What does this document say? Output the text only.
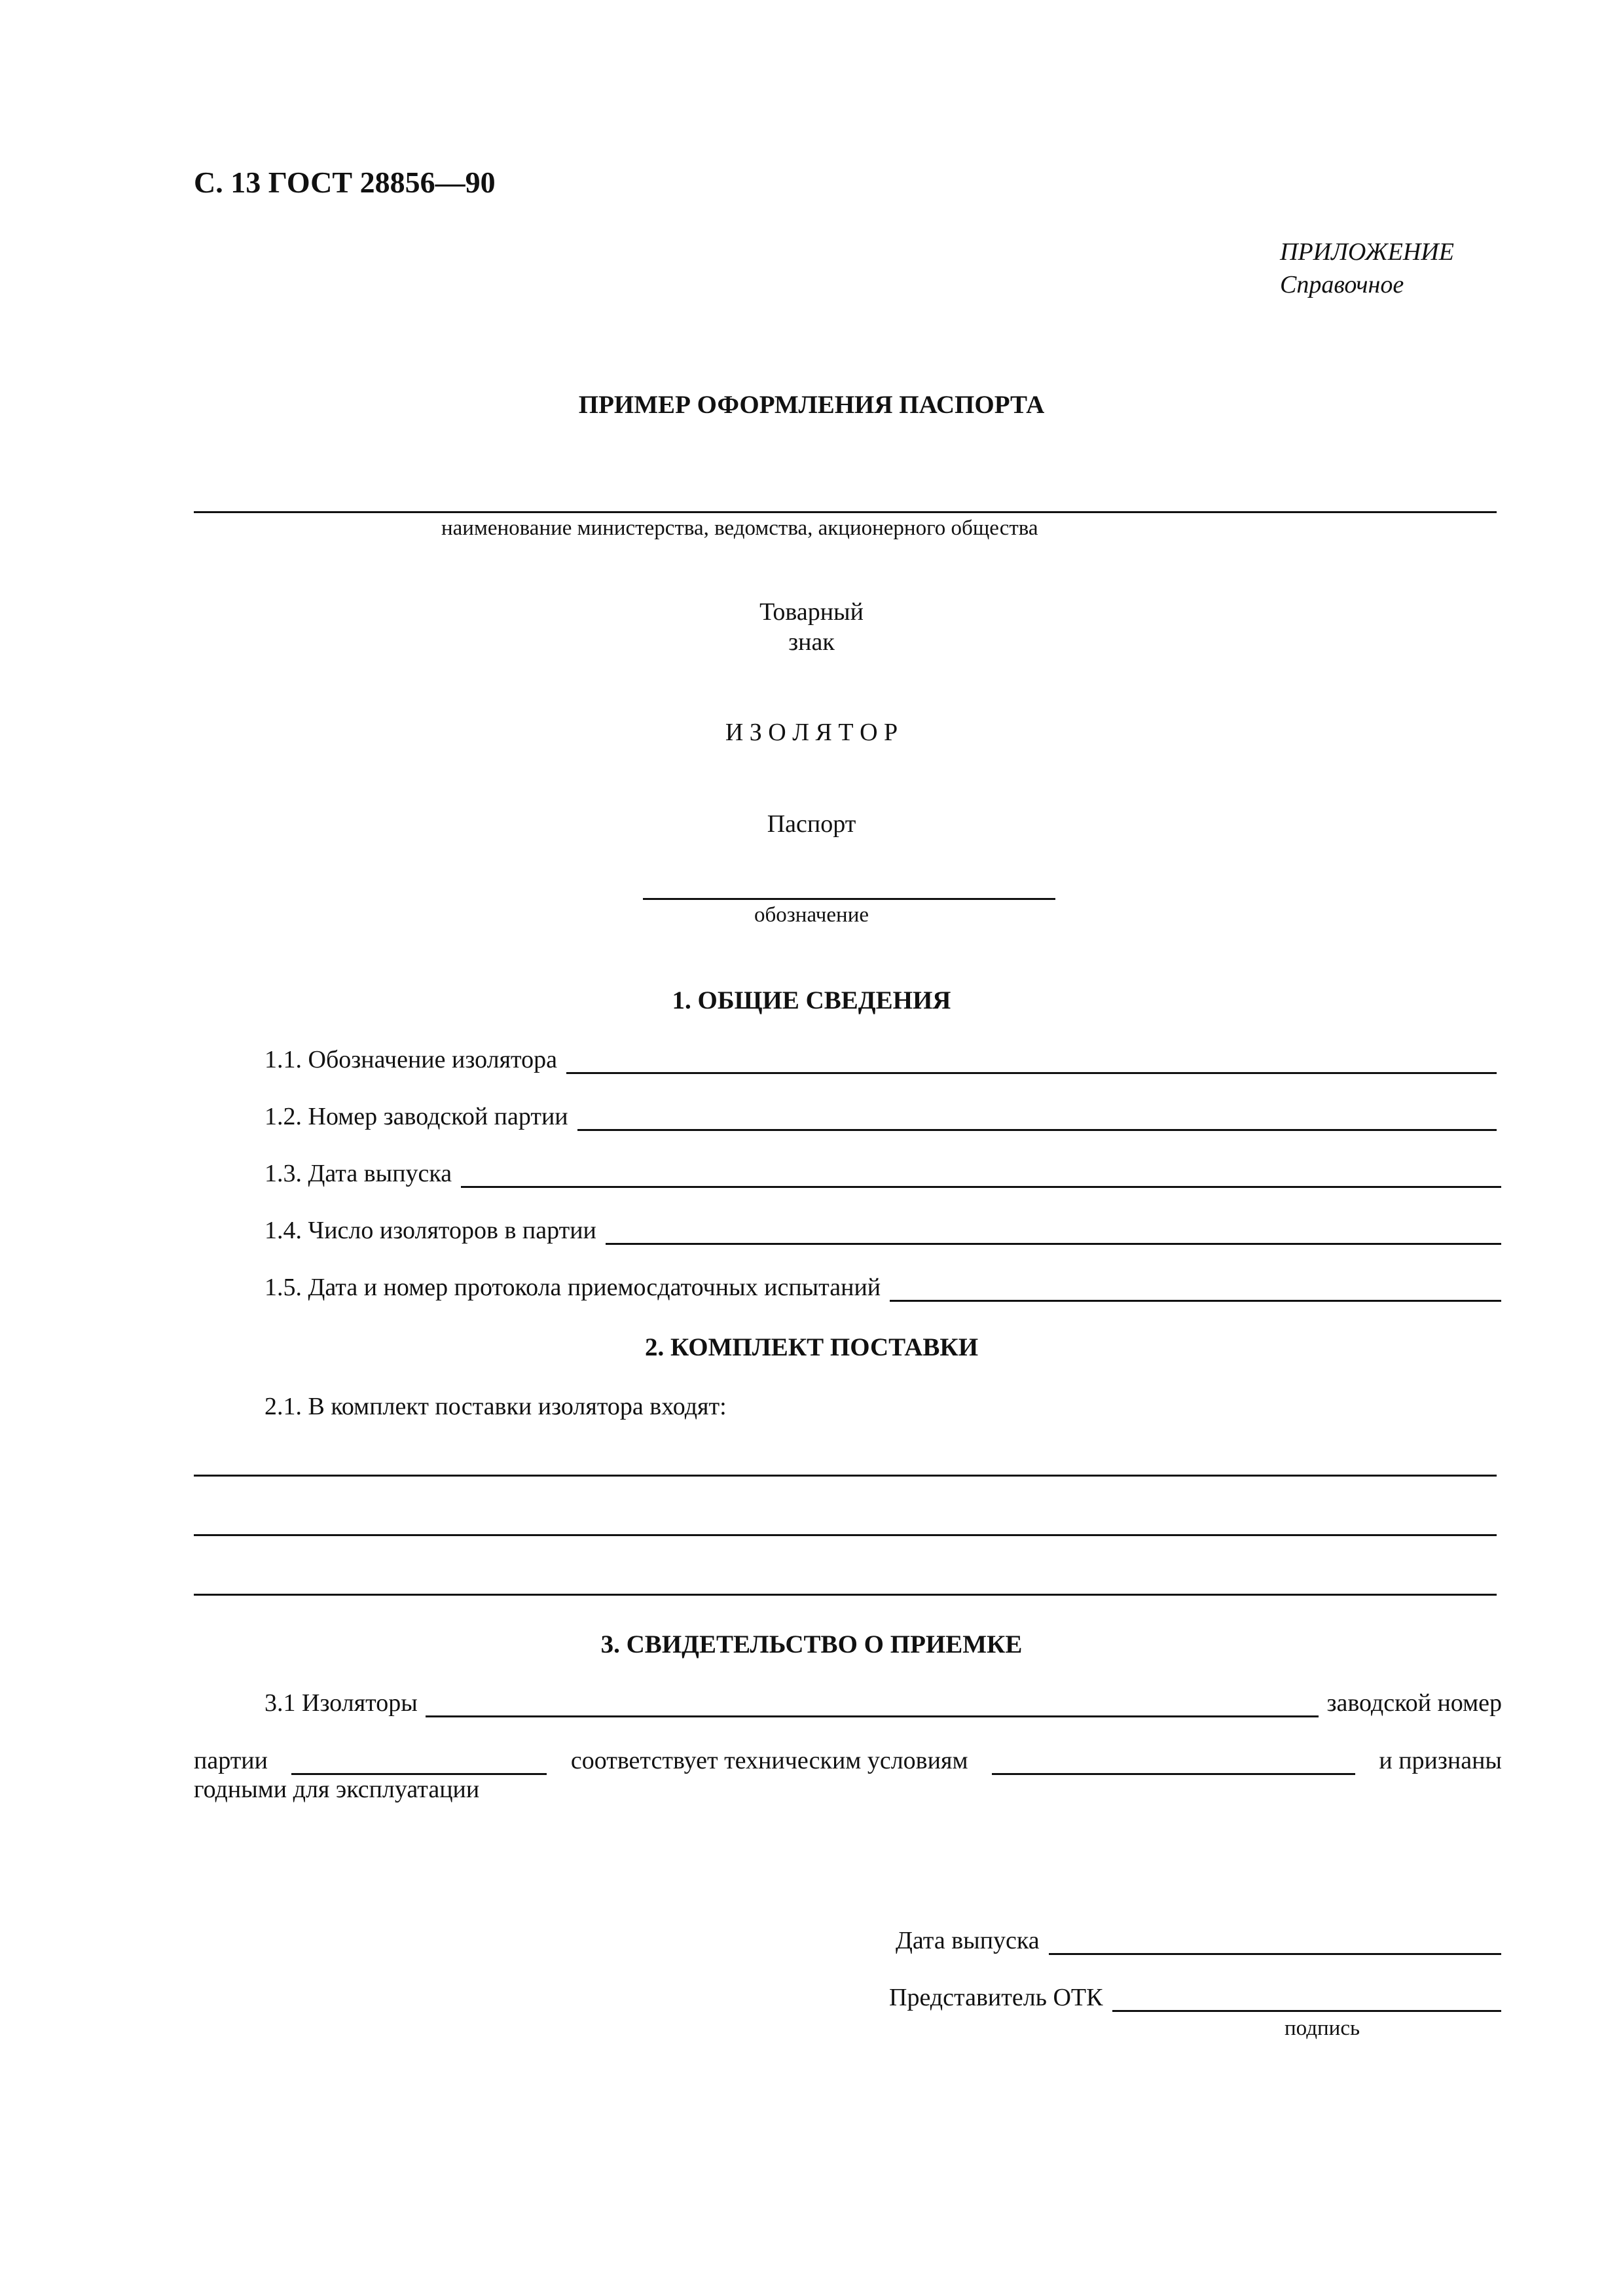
С. 13 ГОСТ 28856—90
ПРИЛОЖЕНИЕ
Справочное
ПРИМЕР ОФОРМЛЕНИЯ ПАСПОРТА
наименование министерства, ведомства, акционерного общества
Товарный
знак
И З О Л Я Т О Р
Паспорт
обозначение
1. ОБЩИЕ СВЕДЕНИЯ
1.1. Обозначение изолятора
1.2. Номер заводской партии
1.3. Дата выпуска
1.4. Число изоляторов в партии
1.5. Дата и номер протокола приемосдаточных испытаний
2. КОМПЛЕКТ ПОСТАВКИ
2.1. В комплект поставки изолятора входят:
3. СВИДЕТЕЛЬСТВО О ПРИЕМКЕ
3.1 Изоляторы	заводской номер
партии	соответствует техническим условиям	и признаны
годными для эксплуатации
Дата выпуска
Представитель ОТК
подпись
